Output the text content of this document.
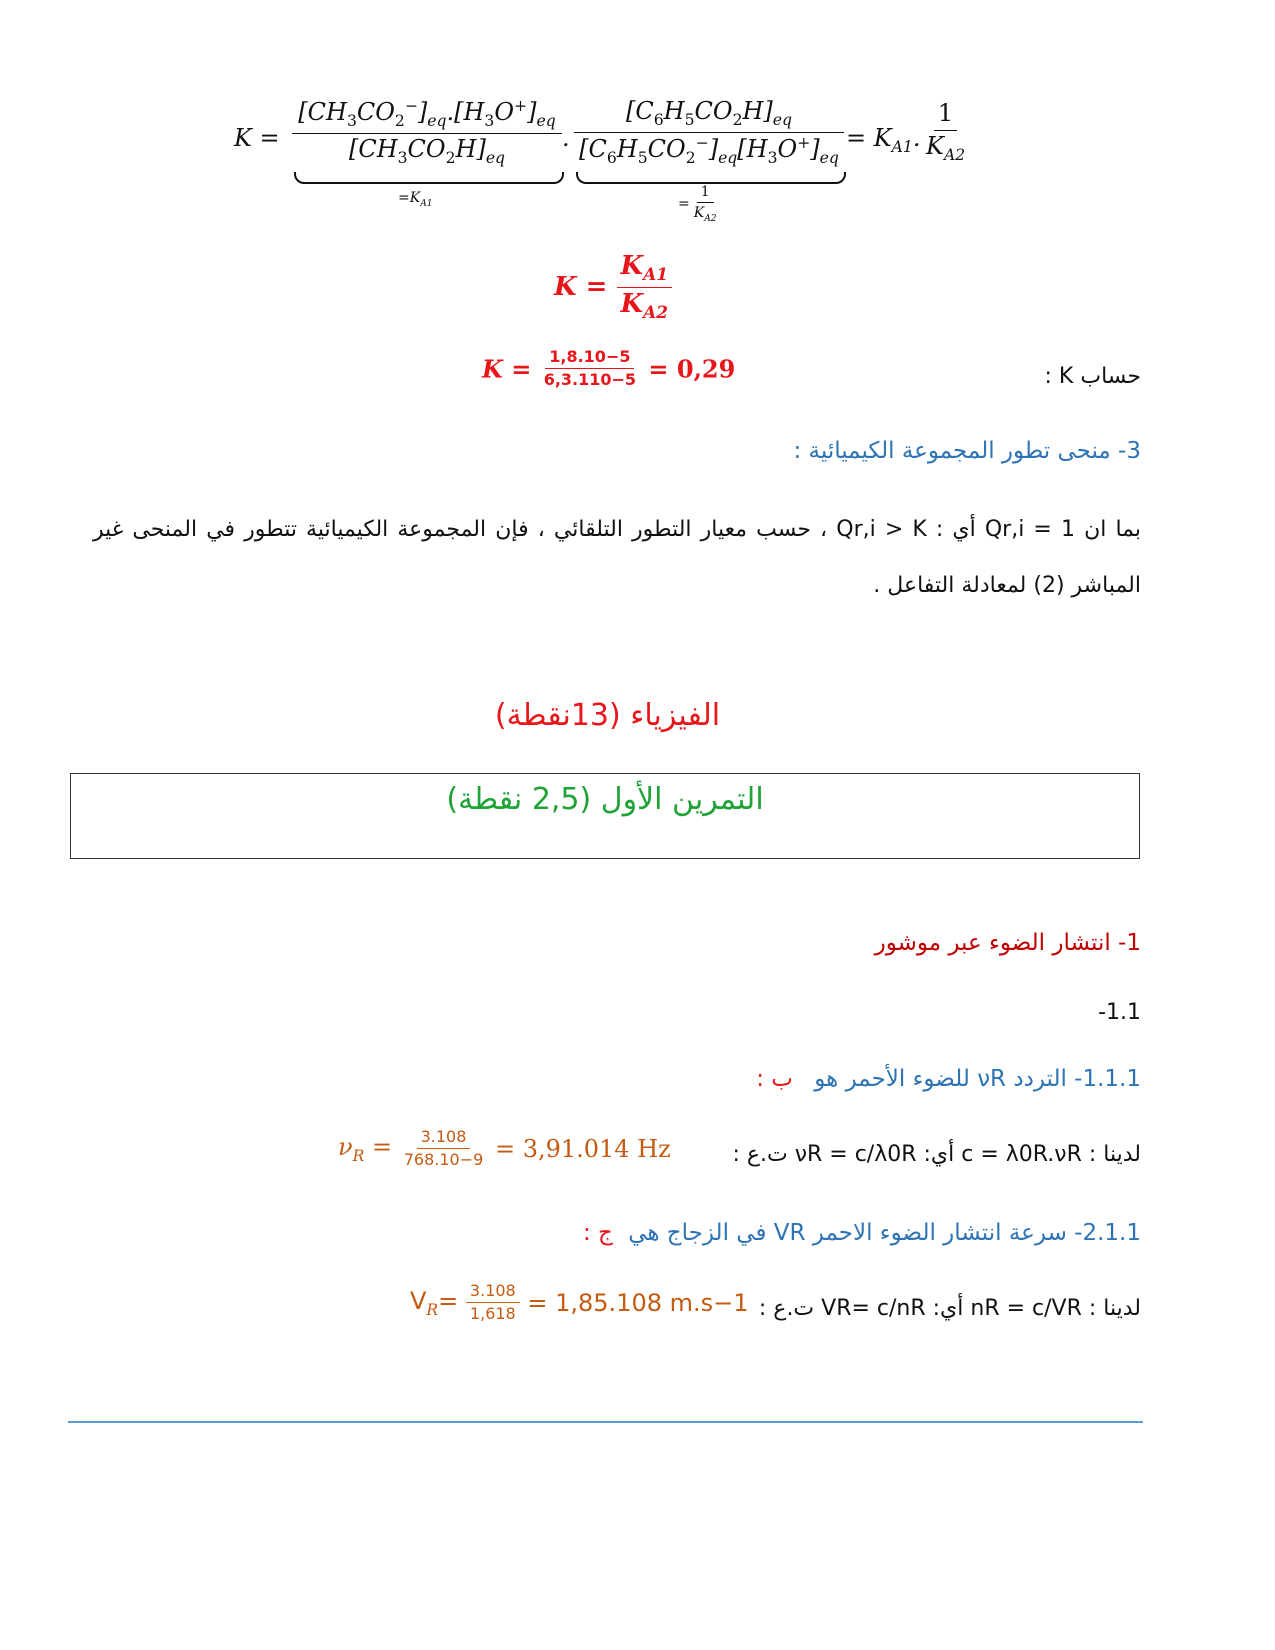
$K = \frac{[CH_3CO_2^-]_{eq}.[H_3O^+]_{eq}}{[CH_3CO_2H]_{eq}}$
$=K_{A1}$
. $\frac{[C_6H_5CO_2H]_{eq}}{[C_6H_5CO_2^-]_{eq}[H_3O^+]_{eq}}$
= $\frac{1}{K_{A2}}$
= $K_{A1}$. $\frac{1}{K_{A2}}$
$K = \frac{K_{A1}}{K_{A2}}$
$K = \frac{1,8.10-5}{6,3.110-5} = 0,29$	حساب K :
3- منحى تطور المجموعة الكيميائية :
بما ان Qr,i = 1 أي : Qr,i > K ، حسب معيار التطور التلقائي ، فإن المجموعة الكيميائية تتطور في المنحى غير المباشر (2) لمعادلة التفاعل .
الفيزياء (13نقطة)
التمرين الأول (2,5 نقطة)
1- انتشار الضوء عبر موشور
-1.1
1.1.1- التردد νR للضوء الأحمر هو ب :
لدينا : c = λ0R.νR أي: νR = c/λ0R ت.ع :
$\nu_R = \frac{3.108}{768.10-9} = 3,91.014$ Hz
2.1.1- سرعة انتشار الضوء الاحمر VR في الزجاج هي ج :
لدينا : nR = c/VR أي: VR= c/nR ت.ع :
$V_R= \frac{3.108}{1,618} = 1,85.108$ m.s−1
